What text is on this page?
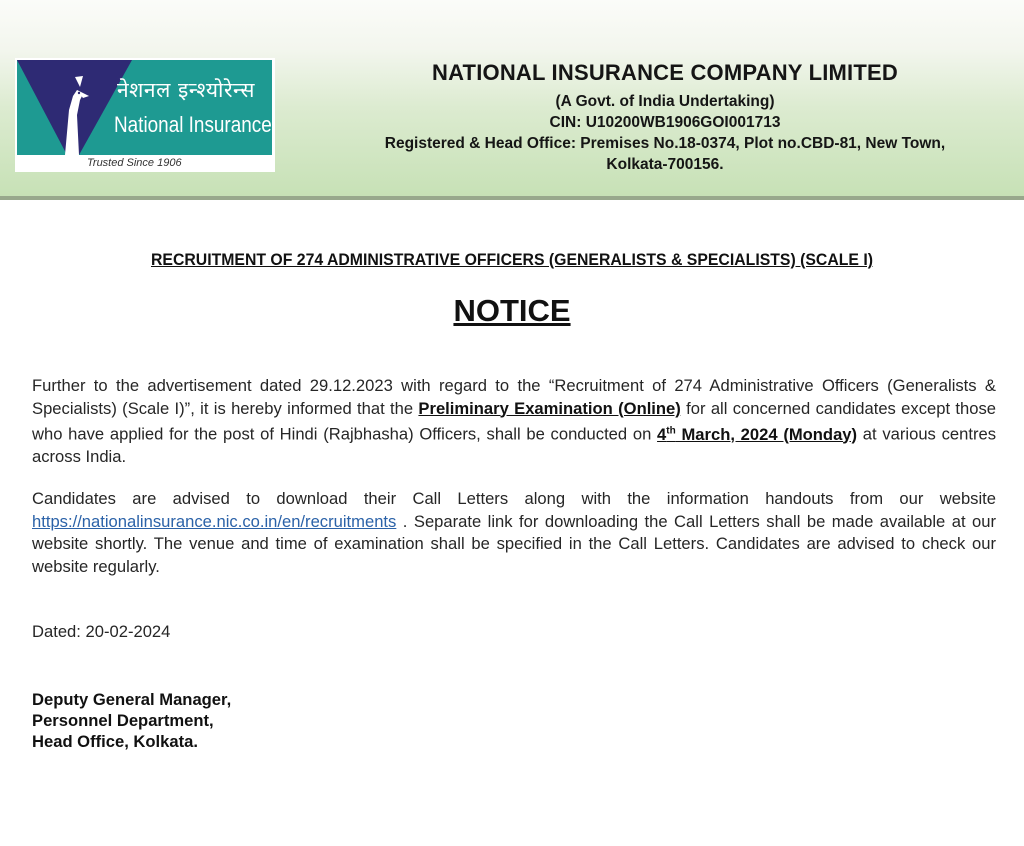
नेशनल इन्श्योरेन्स
National Insurance
Trusted Since 1906
NATIONAL INSURANCE COMPANY LIMITED
(A Govt. of India Undertaking)
CIN: U10200WB1906GOI001713
Registered & Head Office: Premises No.18-0374, Plot no.CBD-81, New Town,
Kolkata-700156.
RECRUITMENT OF 274 ADMINISTRATIVE OFFICERS (GENERALISTS & SPECIALISTS) (SCALE I)
NOTICE
Further to the advertisement dated 29.12.2023 with regard to the “Recruitment of 274 Administrative Officers (Generalists & Specialists) (Scale I)”, it is hereby informed that the Preliminary Examination (Online) for all concerned candidates except those who have applied for the post of Hindi (Rajbhasha) Officers, shall be conducted on 4th March, 2024 (Monday) at various centres across India.
Candidates are advised to download their Call Letters along with the information handouts from our website https://nationalinsurance.nic.co.in/en/recruitments . Separate link for downloading the Call Letters shall be made available at our website shortly. The venue and time of examination shall be specified in the Call Letters. Candidates are advised to check our website regularly.
Dated: 20-02-2024
Deputy General Manager,
Personnel Department,
Head Office, Kolkata.
